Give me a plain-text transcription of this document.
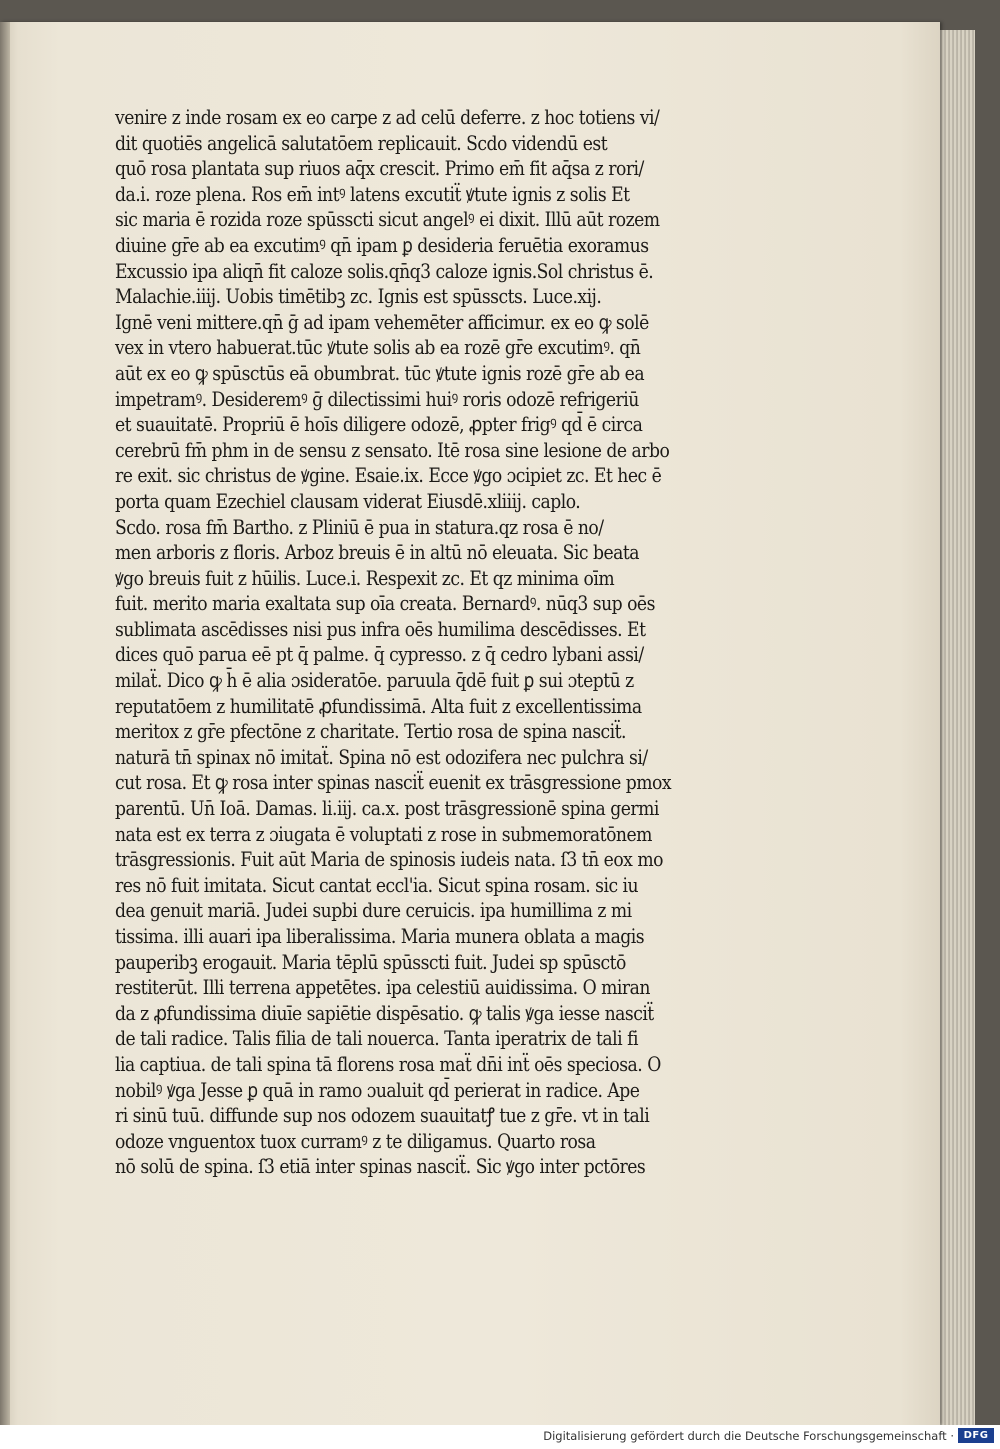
venire z inde rosam ex eo carpe z ad celū deferre. z hoc totiens vi/
dit quotiēs angelicā salutatōem replicauit. Scdo videndū est
quō rosa plantata sup riuos aq̄x crescit. Primo em̄ fit aq̄sa z rori/
da.i. roze plena. Ros em̄ intꝰ latens excutiẗ ꝟtute ignis z solis Et
sic maria ē rozida roze spūsscti sicut angelꝰ ei dixit. Illū aūt rozem
diuine gr̄e ab ea excutimꝰ qn̄ ipam ꝑ desideria feruētia exoramus
Excussio ipa aliqn̄ fit caloze solis.qn̄q3 caloze ignis.Sol christus ē.
Malachie.iiij. Uobis timētibꝫ zc. Ignis est spūsscts. Luce.xij.
Ignē veni mittere.qn̄ ḡ ad ipam vehemēter afficimur. ex eo ꝙ solē
vex in vtero habuerat.tūc ꝟtute solis ab ea rozē gr̄e excutimꝰ. qn̄
aūt ex eo ꝙ spūsctūs eā obumbrat. tūc ꝟtute ignis rozē gr̄e ab ea
impetramꝰ. Desideremꝰ ḡ dilectissimi huiꝰ roris odozē refrigeriū
et suauitatē. Propriū ē hoīs diligere odozē, ꝓpter frigꝰ qd̄ ē circa
cerebrū fm̄ phm in de sensu z sensato. Itē rosa sine lesione de arbo
re exit. sic christus de ꝟgine. Esaie.ix. Ecce ꝟgo ɔcipiet zc. Et hec ē
porta quam Ezechiel clausam viderat Eiusdē.xliiij. caplo.
Scdo. rosa fm̄ Bartho. z Pliniū ē pua in statura.qz rosa ē no/
men arboris z floris. Arboz breuis ē in altū nō eleuata. Sic beata
ꝟgo breuis fuit z hūilis. Luce.i. Respexit zc. Et qz minima oīm
fuit. merito maria exaltata sup oīa creata. Bernardꝰ. nūq3 sup oēs
sublimata ascēdisses nisi pus infra oēs humilima descēdisses. Et
dices quō parua eē pt q̄ palme. q̄ cypresso. z q̄ cedro lybani assi/
milaẗ. Dico ꝙ h̄ ē alia ɔsideratōe. paruula q̄dē fuit ꝑ sui ɔteptū z
reputatōem z humilitatē ꝓfundissimā. Alta fuit z excellentissima
meritox z gr̄e pfectōne z charitate. Tertio rosa de spina nasciẗ.
naturā tn̄ spinax nō imitaẗ. Spina nō est odozifera nec pulchra si/
cut rosa. Et ꝙ rosa inter spinas nasciẗ euenit ex trāsgressione pmox
parentū. Un̄ Ioā. Damas. li.iij. ca.x. post trāsgressionē spina germi
nata est ex terra z ɔiugata ē voluptati z rose in submemoratōnem
trāsgressionis. Fuit aūt Maria de spinosis iudeis nata. ſ3 tn̄ eox mo
res nō fuit imitata. Sicut cantat eccl'ia. Sicut spina rosam. sic iu
dea genuit mariā. Judei supbi dure ceruicis. ipa humillima z mi
tissima. illi auari ipa liberalissima. Maria munera oblata a magis
pauperibꝫ erogauit. Maria tēplū spūsscti fuit. Judei sp spūsctō
restiterūt. Illi terrena appetētes. ipa celestiū auidissima. O miran
da z ꝓfundissima diuīe sapiētie dispēsatio. ꝙ talis ꝟga iesse nasciẗ
de tali radice. Talis filia de tali nouerca. Tanta iperatrix de tali fi
lia captiua. de tali spina tā florens rosa maẗ dn̄i inẗ oēs speciosa. O
nobilꝰ ꝟga Jesse ꝑ quā in ramo ɔualuit qd̄ perierat in radice. Ape
ri sinū tuū. diffunde sup nos odozem suauitatꝭ tue z gr̄e. vt in tali
odoze vnguentox tuox curramꝰ z te diligamus. Quarto rosa
nō solū de spina. ſ3 etiā inter spinas nasciẗ. Sic ꝟgo inter pctōres
Digitalisierung gefördert durch die Deutsche Forschungsgemeinschaft · DFG
